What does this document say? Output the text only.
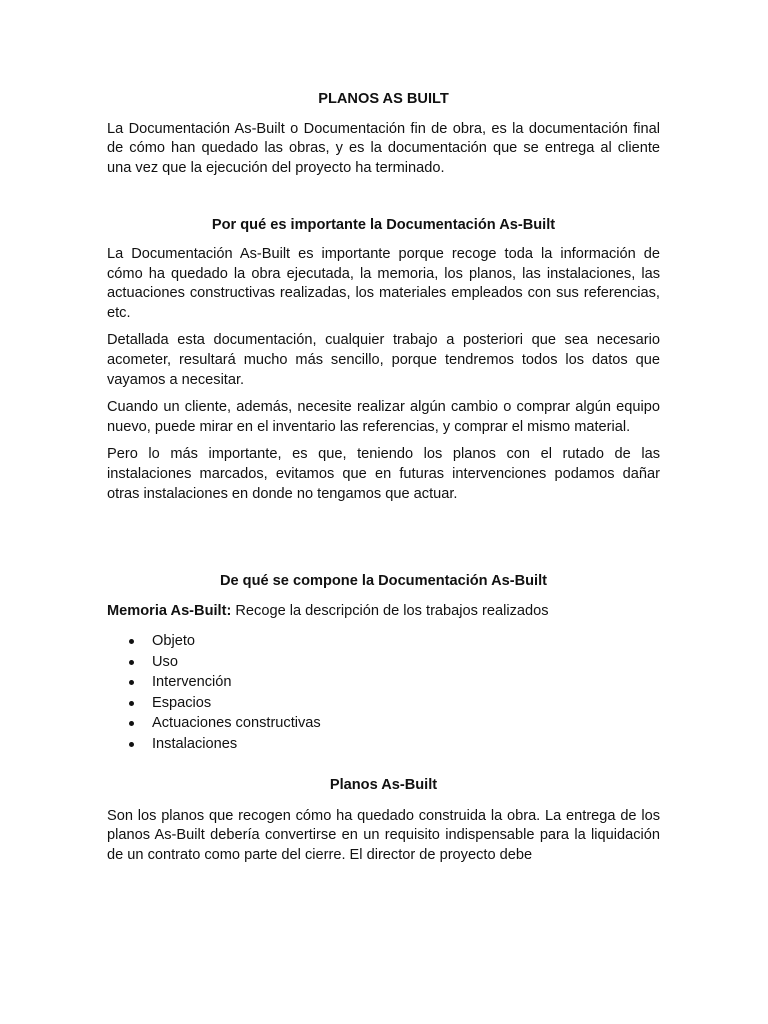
PLANOS AS BUILT

La Documentación As-Built o Documentación fin de obra, es la documentación final de cómo han quedado las obras, y es la documentación que se entrega al cliente una vez que la ejecución del proyecto ha terminado.

Por qué es importante la Documentación As-Built

La Documentación As-Built es importante porque recoge toda la información de cómo ha quedado la obra ejecutada, la memoria, los planos, las instalaciones, las actuaciones constructivas realizadas, los materiales empleados con sus referencias, etc.

Detallada esta documentación, cualquier trabajo a posteriori que sea necesario acometer, resultará mucho más sencillo, porque tendremos todos los datos que vayamos a necesitar.

Cuando un cliente, además, necesite realizar algún cambio o comprar algún equipo nuevo, puede mirar en el inventario las referencias, y comprar el mismo material.

Pero lo más importante, es que, teniendo los planos con el rutado de las instalaciones marcados, evitamos que en futuras intervenciones podamos dañar otras instalaciones en donde no tengamos que actuar.

De qué se compone la Documentación As-Built

Memoria As-Built: Recoge la descripción de los trabajos realizados

Objeto
Uso
Intervención
Espacios
Actuaciones constructivas
Instalaciones
Planos As-Built

Son los planos que recogen cómo ha quedado construida la obra. La entrega de los planos As-Built debería convertirse en un requisito indispensable para la liquidación de un contrato como parte del cierre. El director de proyecto debe
